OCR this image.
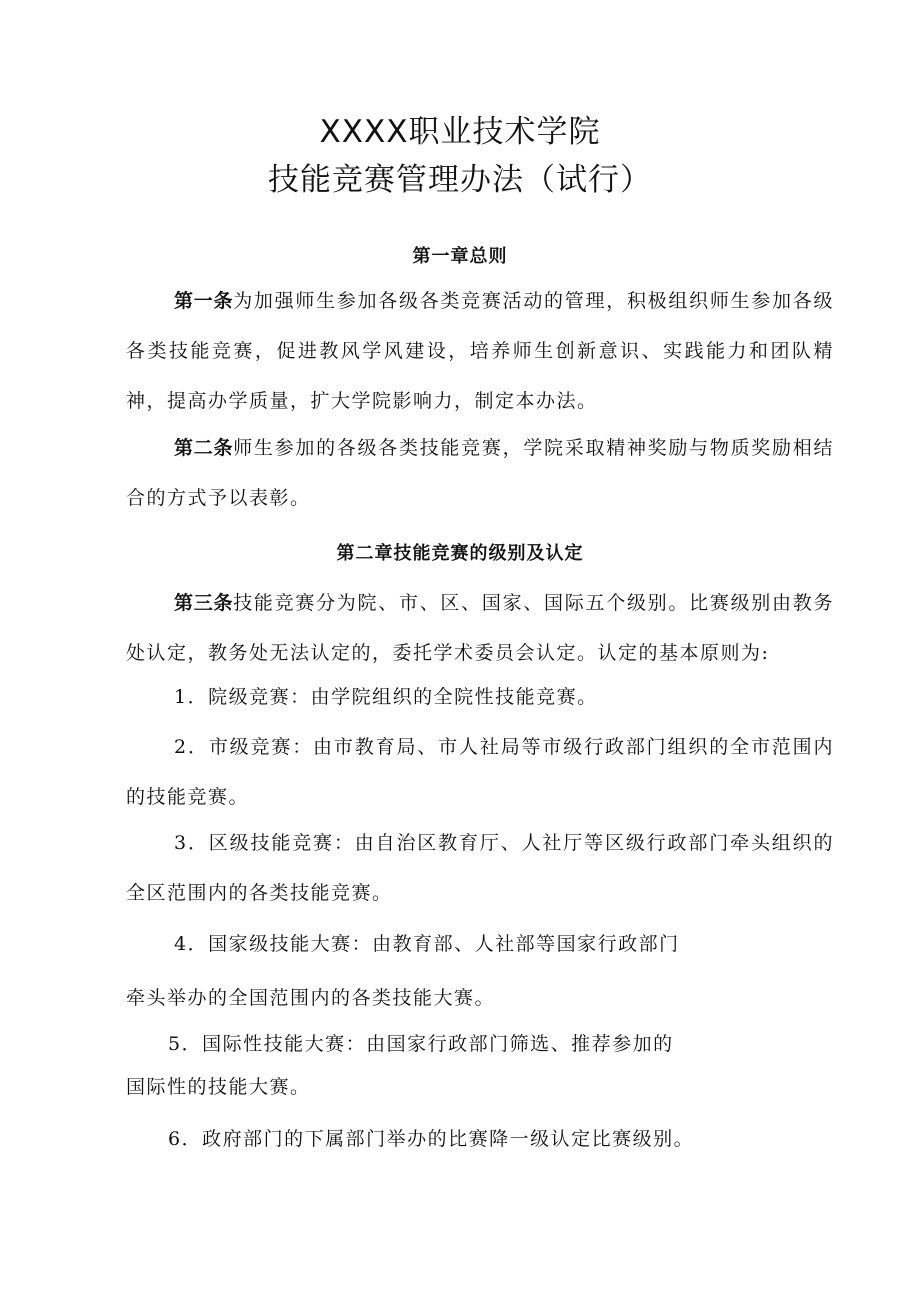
XXXX职业技术学院
技能竞赛管理办法（试行）
第一章总则
第一条为加强师生参加各级各类竞赛活动的管理，积极组织师生参加各级各类技能竞赛，促进教风学风建设，培养师生创新意识、实践能力和团队精神，提高办学质量，扩大学院影响力，制定本办法。
第二条师生参加的各级各类技能竞赛，学院采取精神奖励与物质奖励相结合的方式予以表彰。
第二章技能竞赛的级别及认定
第三条技能竞赛分为院、市、区、国家、国际五个级别。比赛级别由教务处认定，教务处无法认定的，委托学术委员会认定。认定的基本原则为:
1．院级竞赛：由学院组织的全院性技能竞赛。
2．市级竞赛：由市教育局、市人社局等市级行政部门组织的全市范围内的技能竞赛。
3．区级技能竞赛：由自治区教育厅、人社厅等区级行政部门牵头组织的全区范围内的各类技能竞赛。
4．国家级技能大赛：由教育部、人社部等国家行政部门
牵头举办的全国范围内的各类技能大赛。
5．国际性技能大赛：由国家行政部门筛选、推荐参加的
国际性的技能大赛。
6．政府部门的下属部门举办的比赛降一级认定比赛级别。
